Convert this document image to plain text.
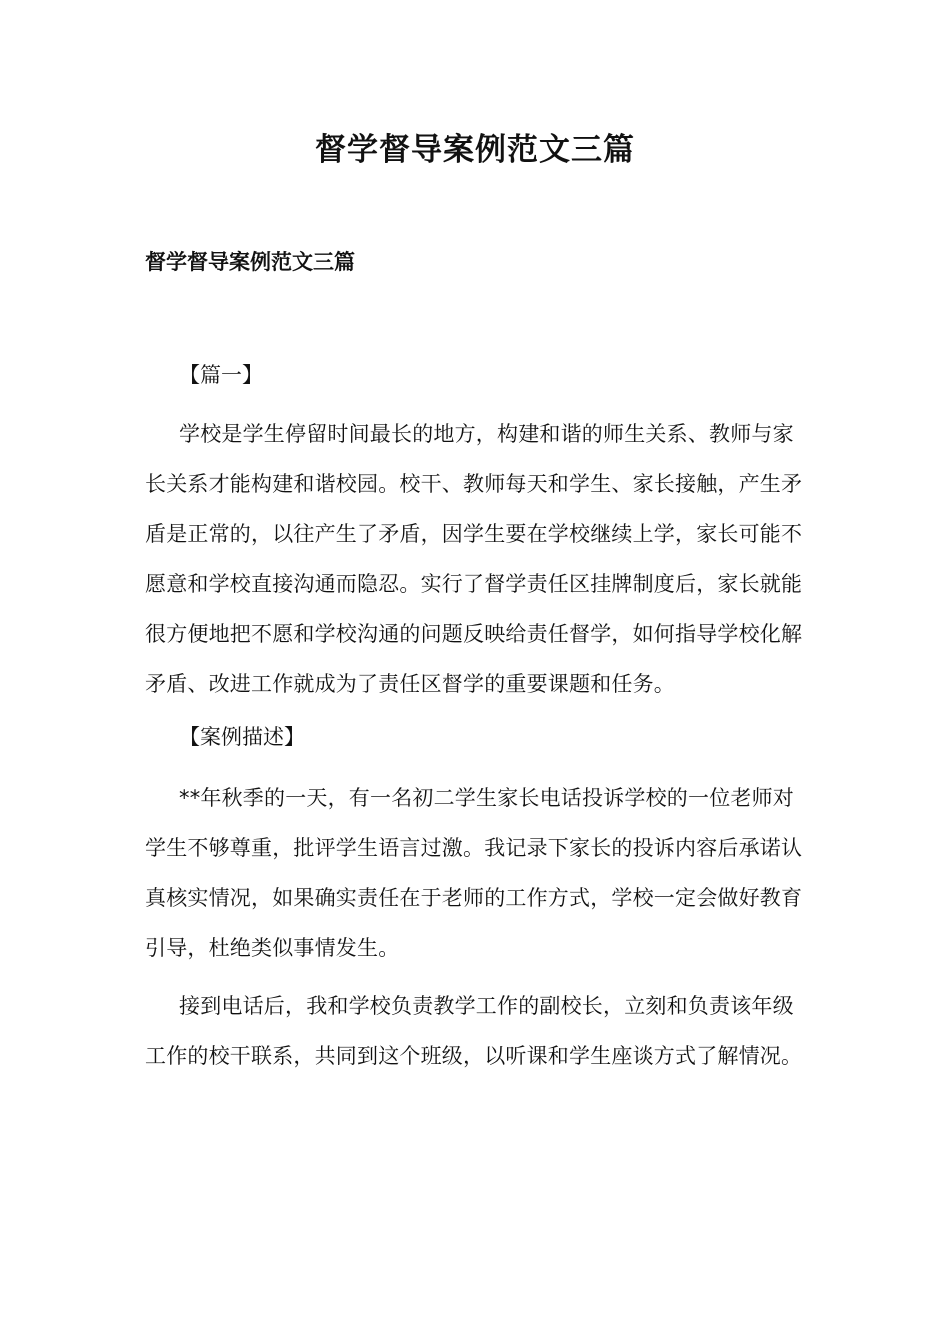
督学督导案例范文三篇
督学督导案例范文三篇

【篇一】

学校是学生停留时间最长的地方，构建和谐的师生关系、教师与家长关系才能构建和谐校园。校干、教师每天和学生、家长接触，产生矛盾是正常的，以往产生了矛盾，因学生要在学校继续上学，家长可能不愿意和学校直接沟通而隐忍。实行了督学责任区挂牌制度后，家长就能很方便地把不愿和学校沟通的问题反映给责任督学，如何指导学校化解矛盾、改进工作就成为了责任区督学的重要课题和任务。

【案例描述】

**年秋季的一天，有一名初二学生家长电话投诉学校的一位老师对学生不够尊重，批评学生语言过激。我记录下家长的投诉内容后承诺认真核实情况，如果确实责任在于老师的工作方式，学校一定会做好教育引导，杜绝类似事情发生。

接到电话后，我和学校负责教学工作的副校长，立刻和负责该年级工作的校干联系，共同到这个班级，以听课和学生座谈方式了解情况。
